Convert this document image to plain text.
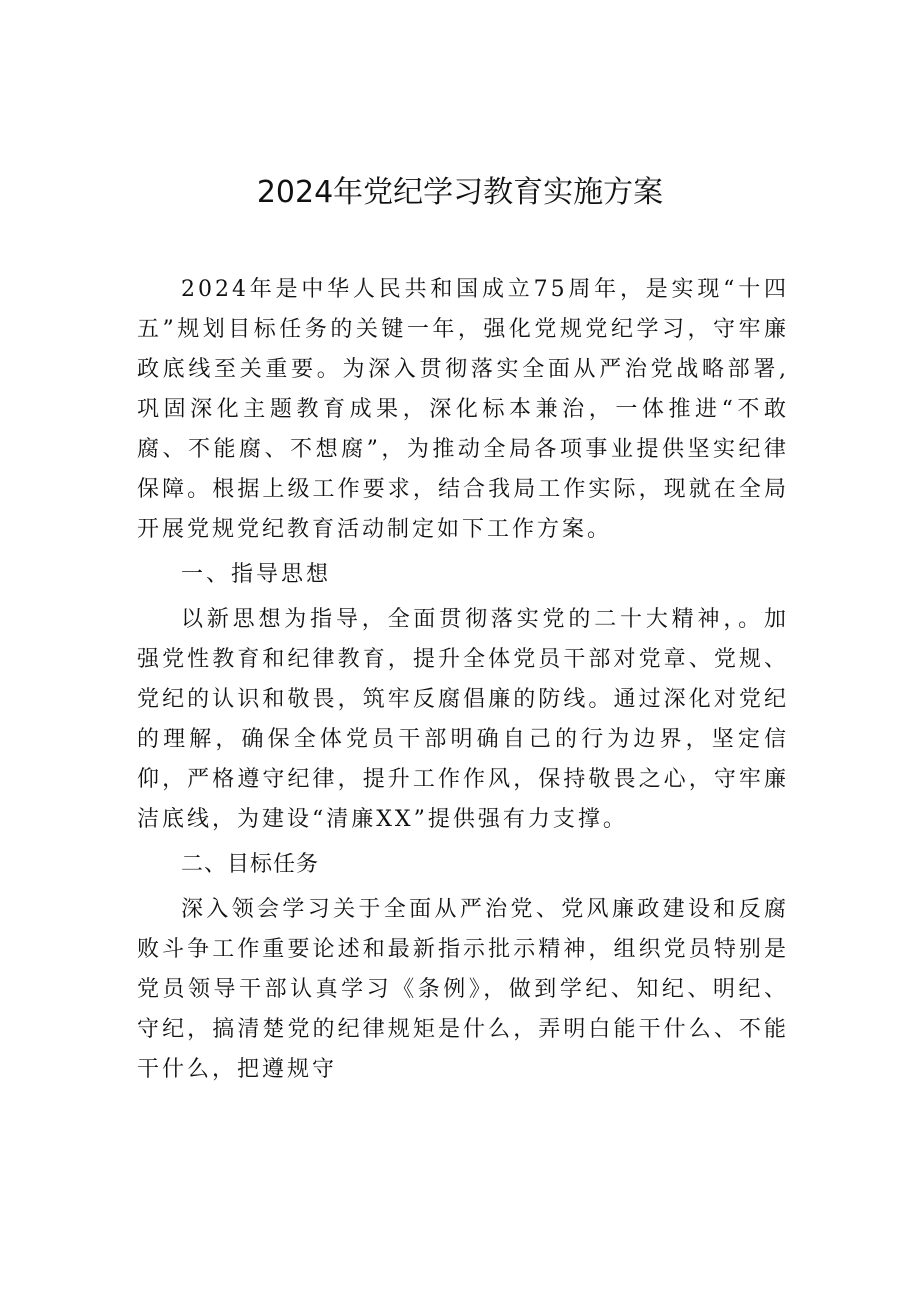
2024年党纪学习教育实施方案

2024年是中华人民共和国成立75周年，是实现“十四五”规划目标任务的关键一年，强化党规党纪学习，守牢廉政底线至关重要。为深入贯彻落实全面从严治党战略部署,巩固深化主题教育成果，深化标本兼治，一体推进“不敢腐、不能腐、不想腐”，为推动全局各项事业提供坚实纪律保障。根据上级工作要求，结合我局工作实际，现就在全局开展党规党纪教育活动制定如下工作方案。

一、指导思想

以新思想为指导，全面贯彻落实党的二十大精神，。加强党性教育和纪律教育，提升全体党员干部对党章、党规、党纪的认识和敬畏，筑牢反腐倡廉的防线。通过深化对党纪的理解，确保全体党员干部明确自己的行为边界，坚定信仰，严格遵守纪律，提升工作作风，保持敬畏之心，守牢廉洁底线，为建设“清廉XX”提供强有力支撑。

二、目标任务

深入领会学习关于全面从严治党、党风廉政建设和反腐败斗争工作重要论述和最新指示批示精神，组织党员特别是党员领导干部认真学习《条例》，做到学纪、知纪、明纪、守纪，搞清楚党的纪律规矩是什么，弄明白能干什么、不能干什么，把遵规守
